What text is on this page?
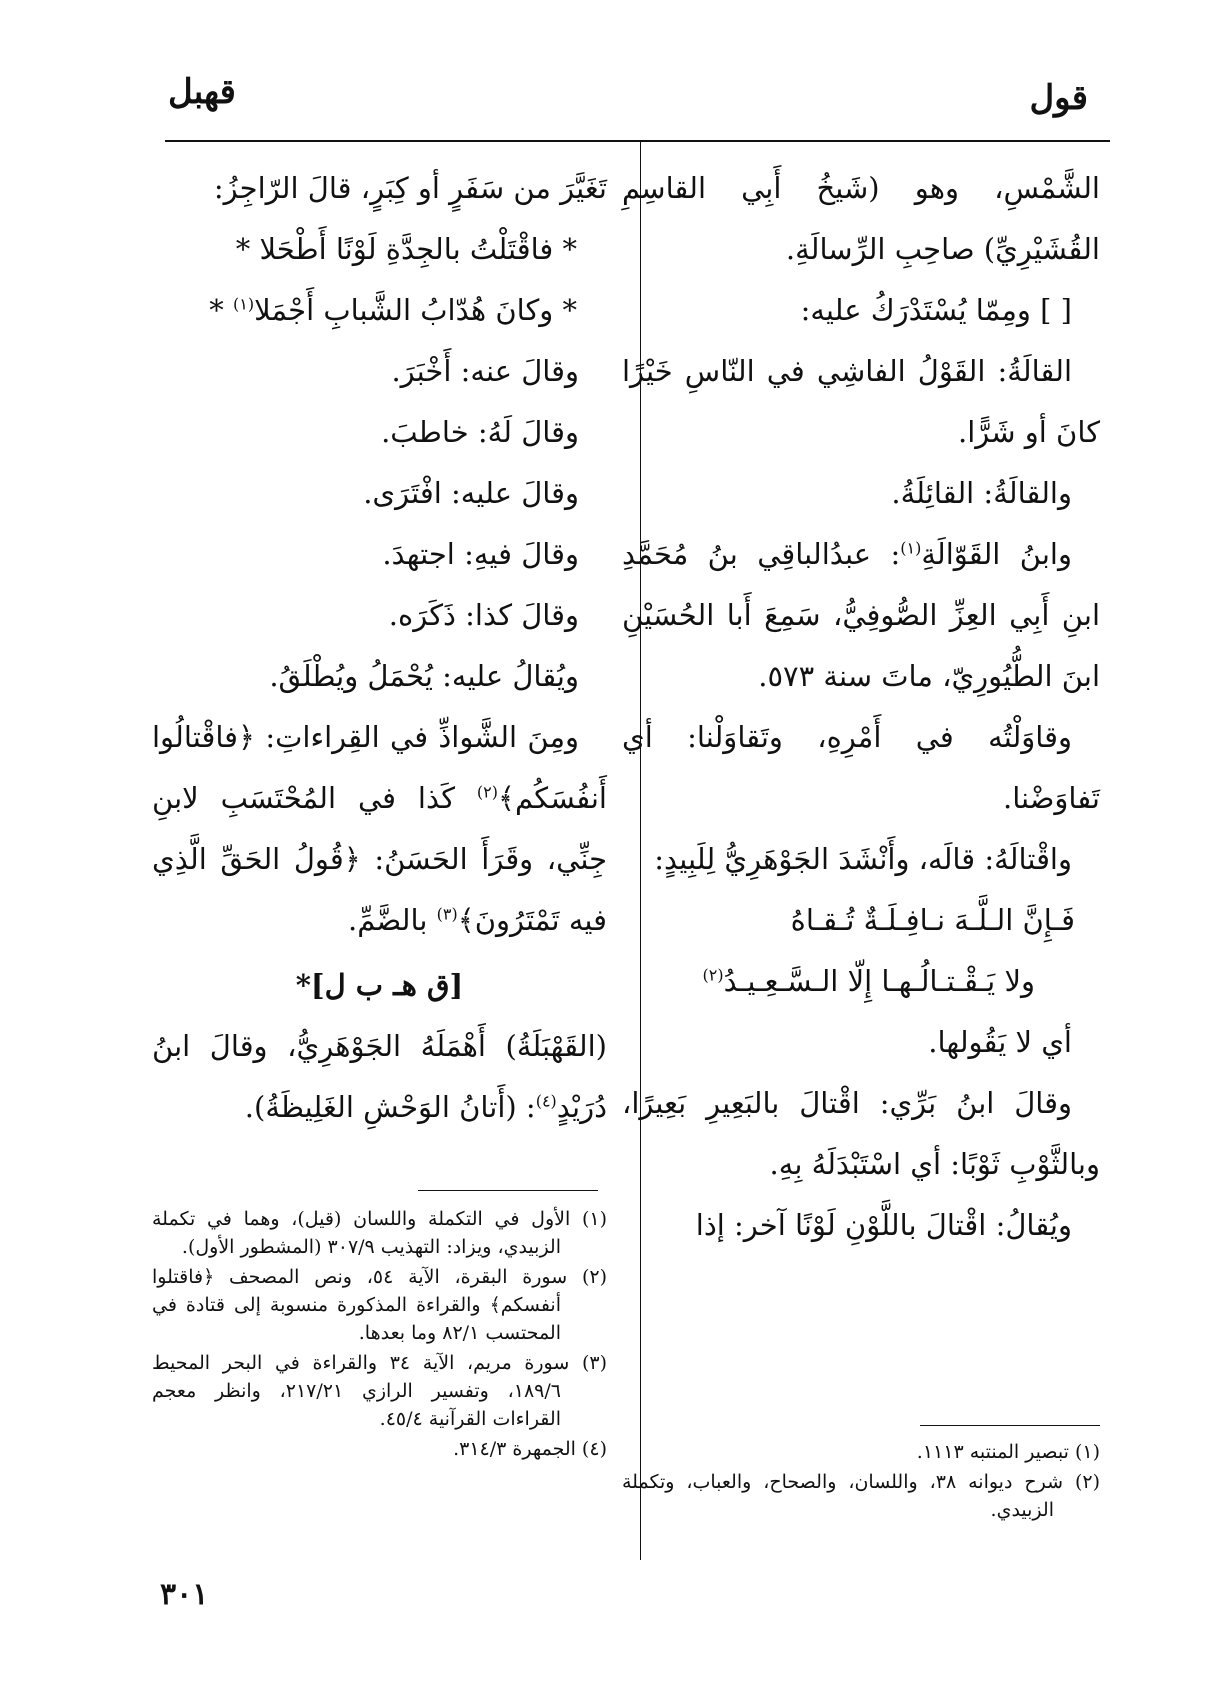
قول
قهبل

الشَّمْسِ، وهو (شَيخُ أَبِي القاسِمِ القُشَيْرِيِّ) صاحِبِ الرِّسالَةِ.

[ ] ومِمّا يُسْتَدْرَكُ عليه:

القالَةُ: القَوْلُ الفاشِي في النّاسِ خَيْرًا كانَ أو شَرًّا.

والقالَةُ: القائِلَةُ.

وابنُ القَوّالَةِ$^{(١)}$: عبدُالباقِي بنُ مُحَمَّدِ ابنِ أَبِي العِزِّ الصُّوفِيُّ، سَمِعَ أَبا الحُسَيْنِ ابنَ الطُّيُورِيّ، ماتَ سنة ٥٧٣.

وقاوَلْتُه في أَمْرِهِ، وتَقاوَلْنا: أي تَفاوَضْنا.

واقْتالَهُ: قالَه، وأَنْشَدَ الجَوْهَرِيُّ لِلَبِيدٍ:

فَـإِنَّ الـلَّـهَ نـافِـلَـةٌ تُـقـاهُ

ولا يَـقْـتـالُـهـا إِلّا الـسَّـعِـيـدُ$^{(٢)}$

أي لا يَقُولها.

وقالَ ابنُ بَرِّي: اقْتالَ بالبَعِيرِ بَعِيرًا، وبالثَّوْبِ ثَوْبًا: أي اسْتَبْدَلَهُ بِهِ.

ويُقالُ: اقْتالَ باللَّوْنِ لَوْنًا آخر: إذا

تَغَيَّرَ من سَفَرٍ أو كِبَرٍ، قالَ الرّاجِزُ:

* فاقْتَلْتُ بالجِدَّةِ لَوْنًا أَطْحَلا *

* وكانَ هُدّابُ الشَّبابِ أَجْمَلا$^{(١)}$ *

وقالَ عنه: أَخْبَرَ.

وقالَ لَهُ: خاطبَ.

وقالَ عليه: افْتَرَى.

وقالَ فيهِ: اجتهدَ.

وقالَ كذا: ذَكَرَه.

ويُقالُ عليه: يُحْمَلُ ويُطْلَقُ.

ومِنَ الشَّواذِّ في القِراءاتِ: ﴿فاقْتالُوا أَنفُسَكُم﴾$^{(٢)}$ كَذا في المُحْتَسَبِ لابنِ جِنِّي، وقَرَأَ الحَسَنُ: ﴿قُولُ الحَقِّ الَّذِي فيه تَمْتَرُونَ﴾$^{(٣)}$ بالضَّمِّ.

[ق هـ ب ل]*

(القَهْبَلَةُ) أَهْمَلَهُ الجَوْهَرِيُّ، وقالَ ابنُ دُرَيْدٍ$^{(٤)}$: (أَتانُ الوَحْشِ الغَلِيظَةُ).

(١) تبصير المنتبه ١١١٣.

(٢) شرح ديوانه ٣٨، واللسان، والصحاح، والعباب، وتكملة الزبيدي.

(١) الأول في التكملة واللسان (قيل)، وهما في تكملة الزبيدي، ويزاد: التهذيب ٣٠٧/٩ (المشطور الأول).

(٢) سورة البقرة، الآية ٥٤، ونص المصحف ﴿فاقتلوا أنفسكم﴾ والقراءة المذكورة منسوبة إلى قتادة في المحتسب ٨٢/١ وما بعدها.

(٣) سورة مريم، الآية ٣٤ والقراءة في البحر المحيط ١٨٩/٦، وتفسير الرازي ٢١٧/٢١، وانظر معجم القراءات القرآنية ٤٥/٤.

(٤) الجمهرة ٣١٤/٣.

٣٠١
